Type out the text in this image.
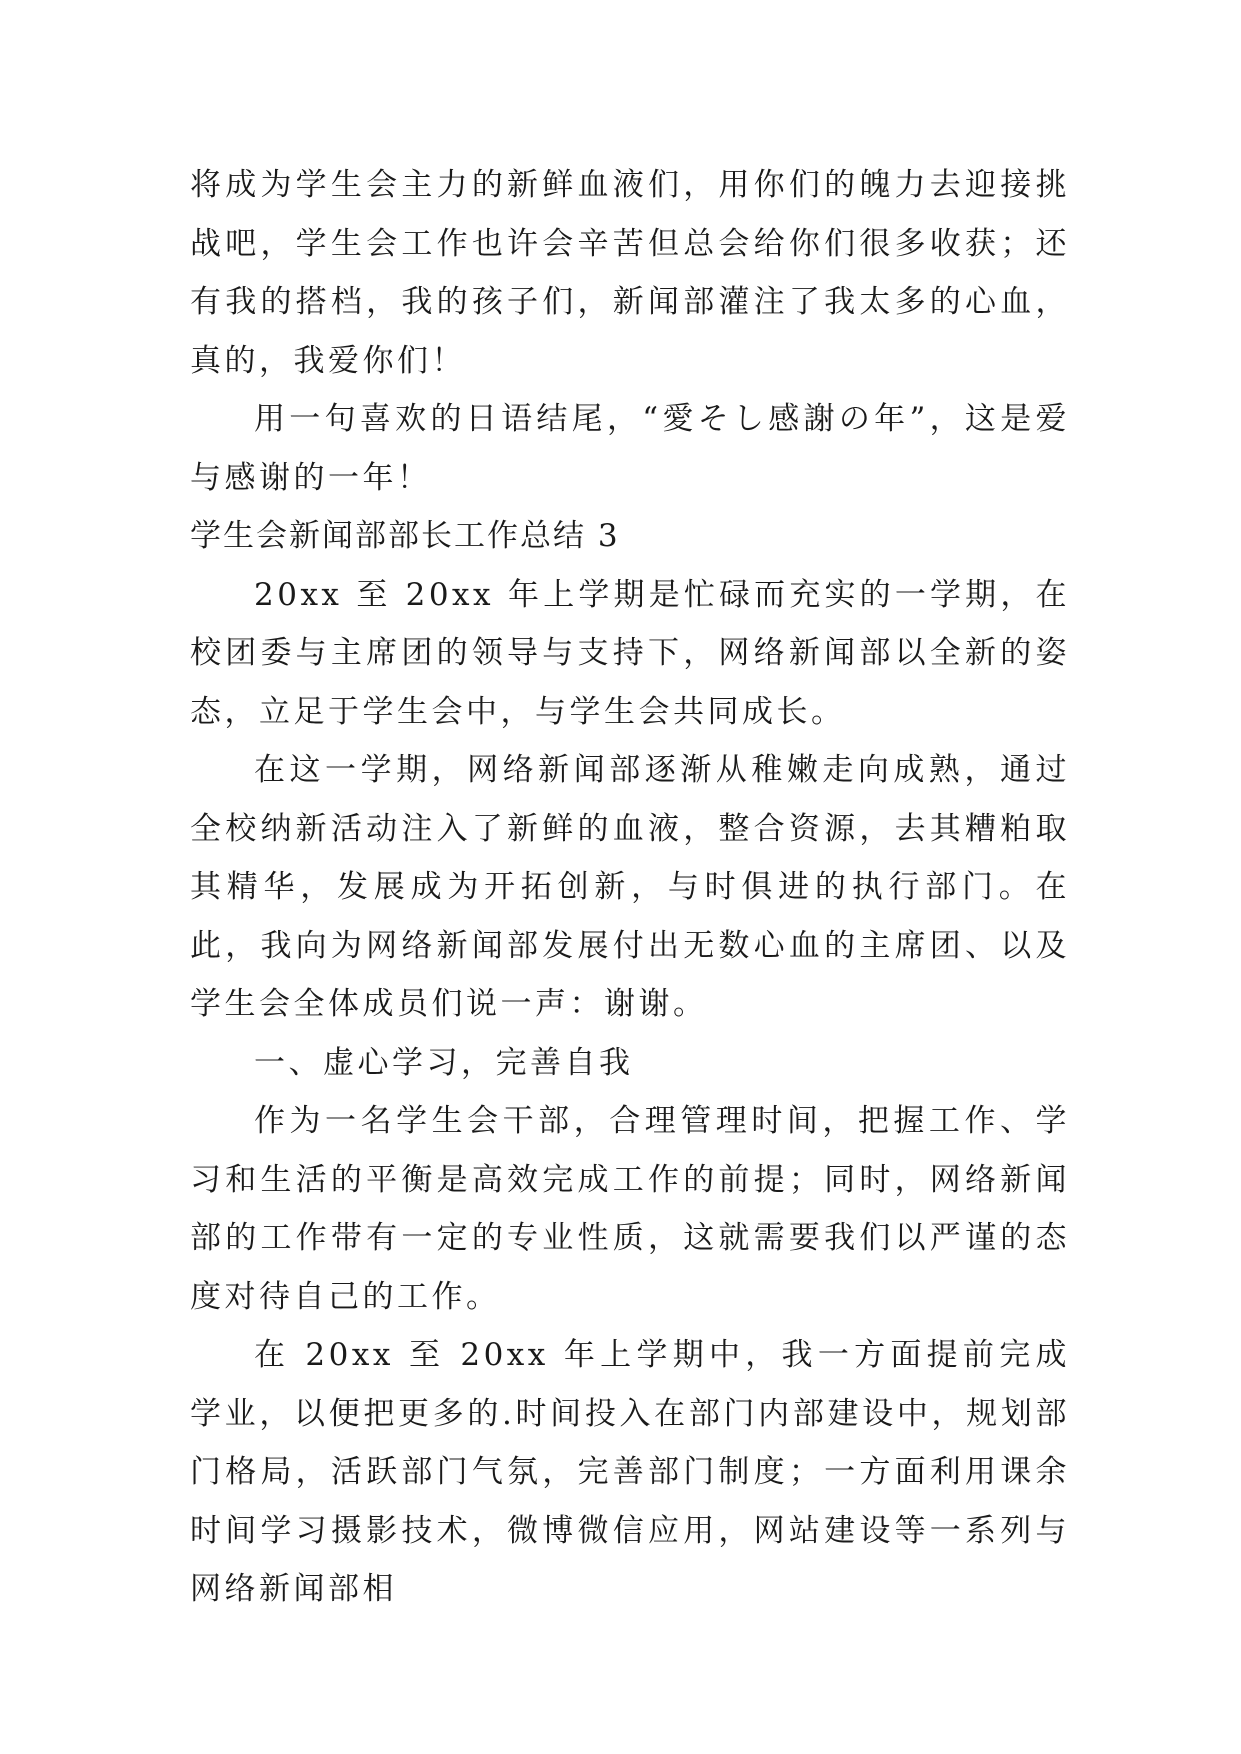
将成为学生会主力的新鲜血液们，用你们的魄力去迎接挑战吧，学生会工作也许会辛苦但总会给你们很多收获；还有我的搭档，我的孩子们，新闻部灌注了我太多的心血，真的，我爱你们！

用一句喜欢的日语结尾，“愛そし感謝の年”，这是爱与感谢的一年！

学生会新闻部部长工作总结 3

20xx 至 20xx 年上学期是忙碌而充实的一学期，在校团委与主席团的领导与支持下，网络新闻部以全新的姿态，立足于学生会中，与学生会共同成长。

在这一学期，网络新闻部逐渐从稚嫩走向成熟，通过全校纳新活动注入了新鲜的血液，整合资源，去其糟粕取其精华，发展成为开拓创新，与时俱进的执行部门。在此，我向为网络新闻部发展付出无数心血的主席团、以及学生会全体成员们说一声：谢谢。

一、虚心学习，完善自我

作为一名学生会干部，合理管理时间，把握工作、学习和生活的平衡是高效完成工作的前提；同时，网络新闻部的工作带有一定的专业性质，这就需要我们以严谨的态度对待自己的工作。

在 20xx 至 20xx 年上学期中，我一方面提前完成学业，以便把更多的.时间投入在部门内部建设中，规划部门格局，活跃部门气氛，完善部门制度；一方面利用课余时间学习摄影技术，微博微信应用，网站建设等一系列与网络新闻部相
